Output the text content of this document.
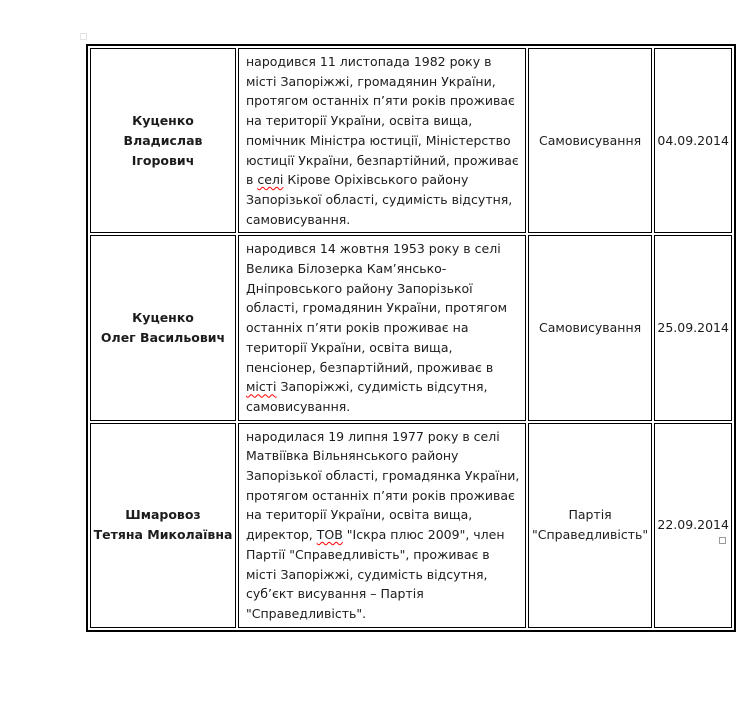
Куценко
Владислав Ігорович	народився 11 листопада 1982 року в місті Запоріжжі, громадянин України, протягом останніх п’яти років проживає на території України, освіта вища, помічник Міністра юстиції, Міністерство юстиції України, безпартійний, проживає в селі Кірове Оріхівського району Запорізької області, судимість відсутня, самовисування.	Самовисування	04.09.2014

Куценко
Олег Васильович	народився 14 жовтня 1953 року в селі Велика Білозерка Кам’янсько-Дніпровського району Запорізької області, громадянин України, протягом останніх п’яти років проживає на території України, освіта вища, пенсіонер, безпартійний, проживає в місті Запоріжжі, судимість відсутня, самовисування.	Самовисування	25.09.2014

Шмаровоз
Тетяна Миколаївна	народилася 19 липня 1977 року в селі Матвіївка Вільнянського району Запорізької області, громадянка України, протягом останніх п’яти років проживає на території України, освіта вища, директор, ТОВ "Іскра плюс 2009", член Партії "Справедливість", проживає в місті Запоріжжі, судимість відсутня, суб’єкт висування – Партія "Справедливість".	Партія "Справедливість"	22.09.2014
